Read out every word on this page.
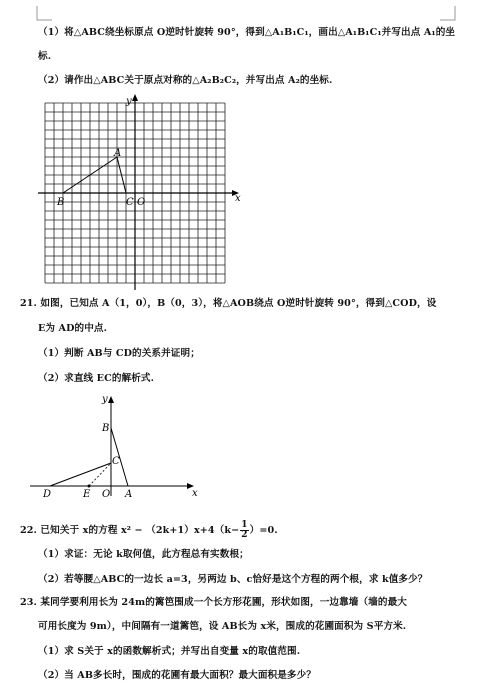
（1）将△ABC绕坐标原点 O逆时针旋转 90°，得到△A₁B₁C₁，画出△A₁B₁C₁并写出点 A₁的坐
标.
（2）请作出△ABC关于原点对称的△A₂B₂C₂，并写出点 A₂的坐标.
x
y
A
B	C O
21. 如图，已知点 A（1，0），B（0，3），将△AOB绕点 O逆时针旋转 90°，得到△COD，设
E为 AD的中点.
（1）判断 AB与 CD的关系并证明；
（2）求直线 EC的解析式.
x
y
B
C
D	E O A
22. 已知关于 x的方程 $x^2 - (2k+1)x+4(k- \frac{1}{2} )=0$.
（1）求证：无论 k取何值，此方程总有实数根；
（2）若等腰△ABC的一边长 a=3，另两边 b、c恰好是这个方程的两个根，求 k值多少？
23. 某同学要利用长为 24m的篱笆围成一个长方形花圃，形状如图，一边靠墙（墙的最大
可用长度为 9m），中间隔有一道篱笆，设 AB长为 x米，围成的花圃面积为 S平方米.
（1）求 S关于 x的函数解析式；并写出自变量 x的取值范围.
（2）当 AB多长时，围成的花圃有最大面积？最大面积是多少？
